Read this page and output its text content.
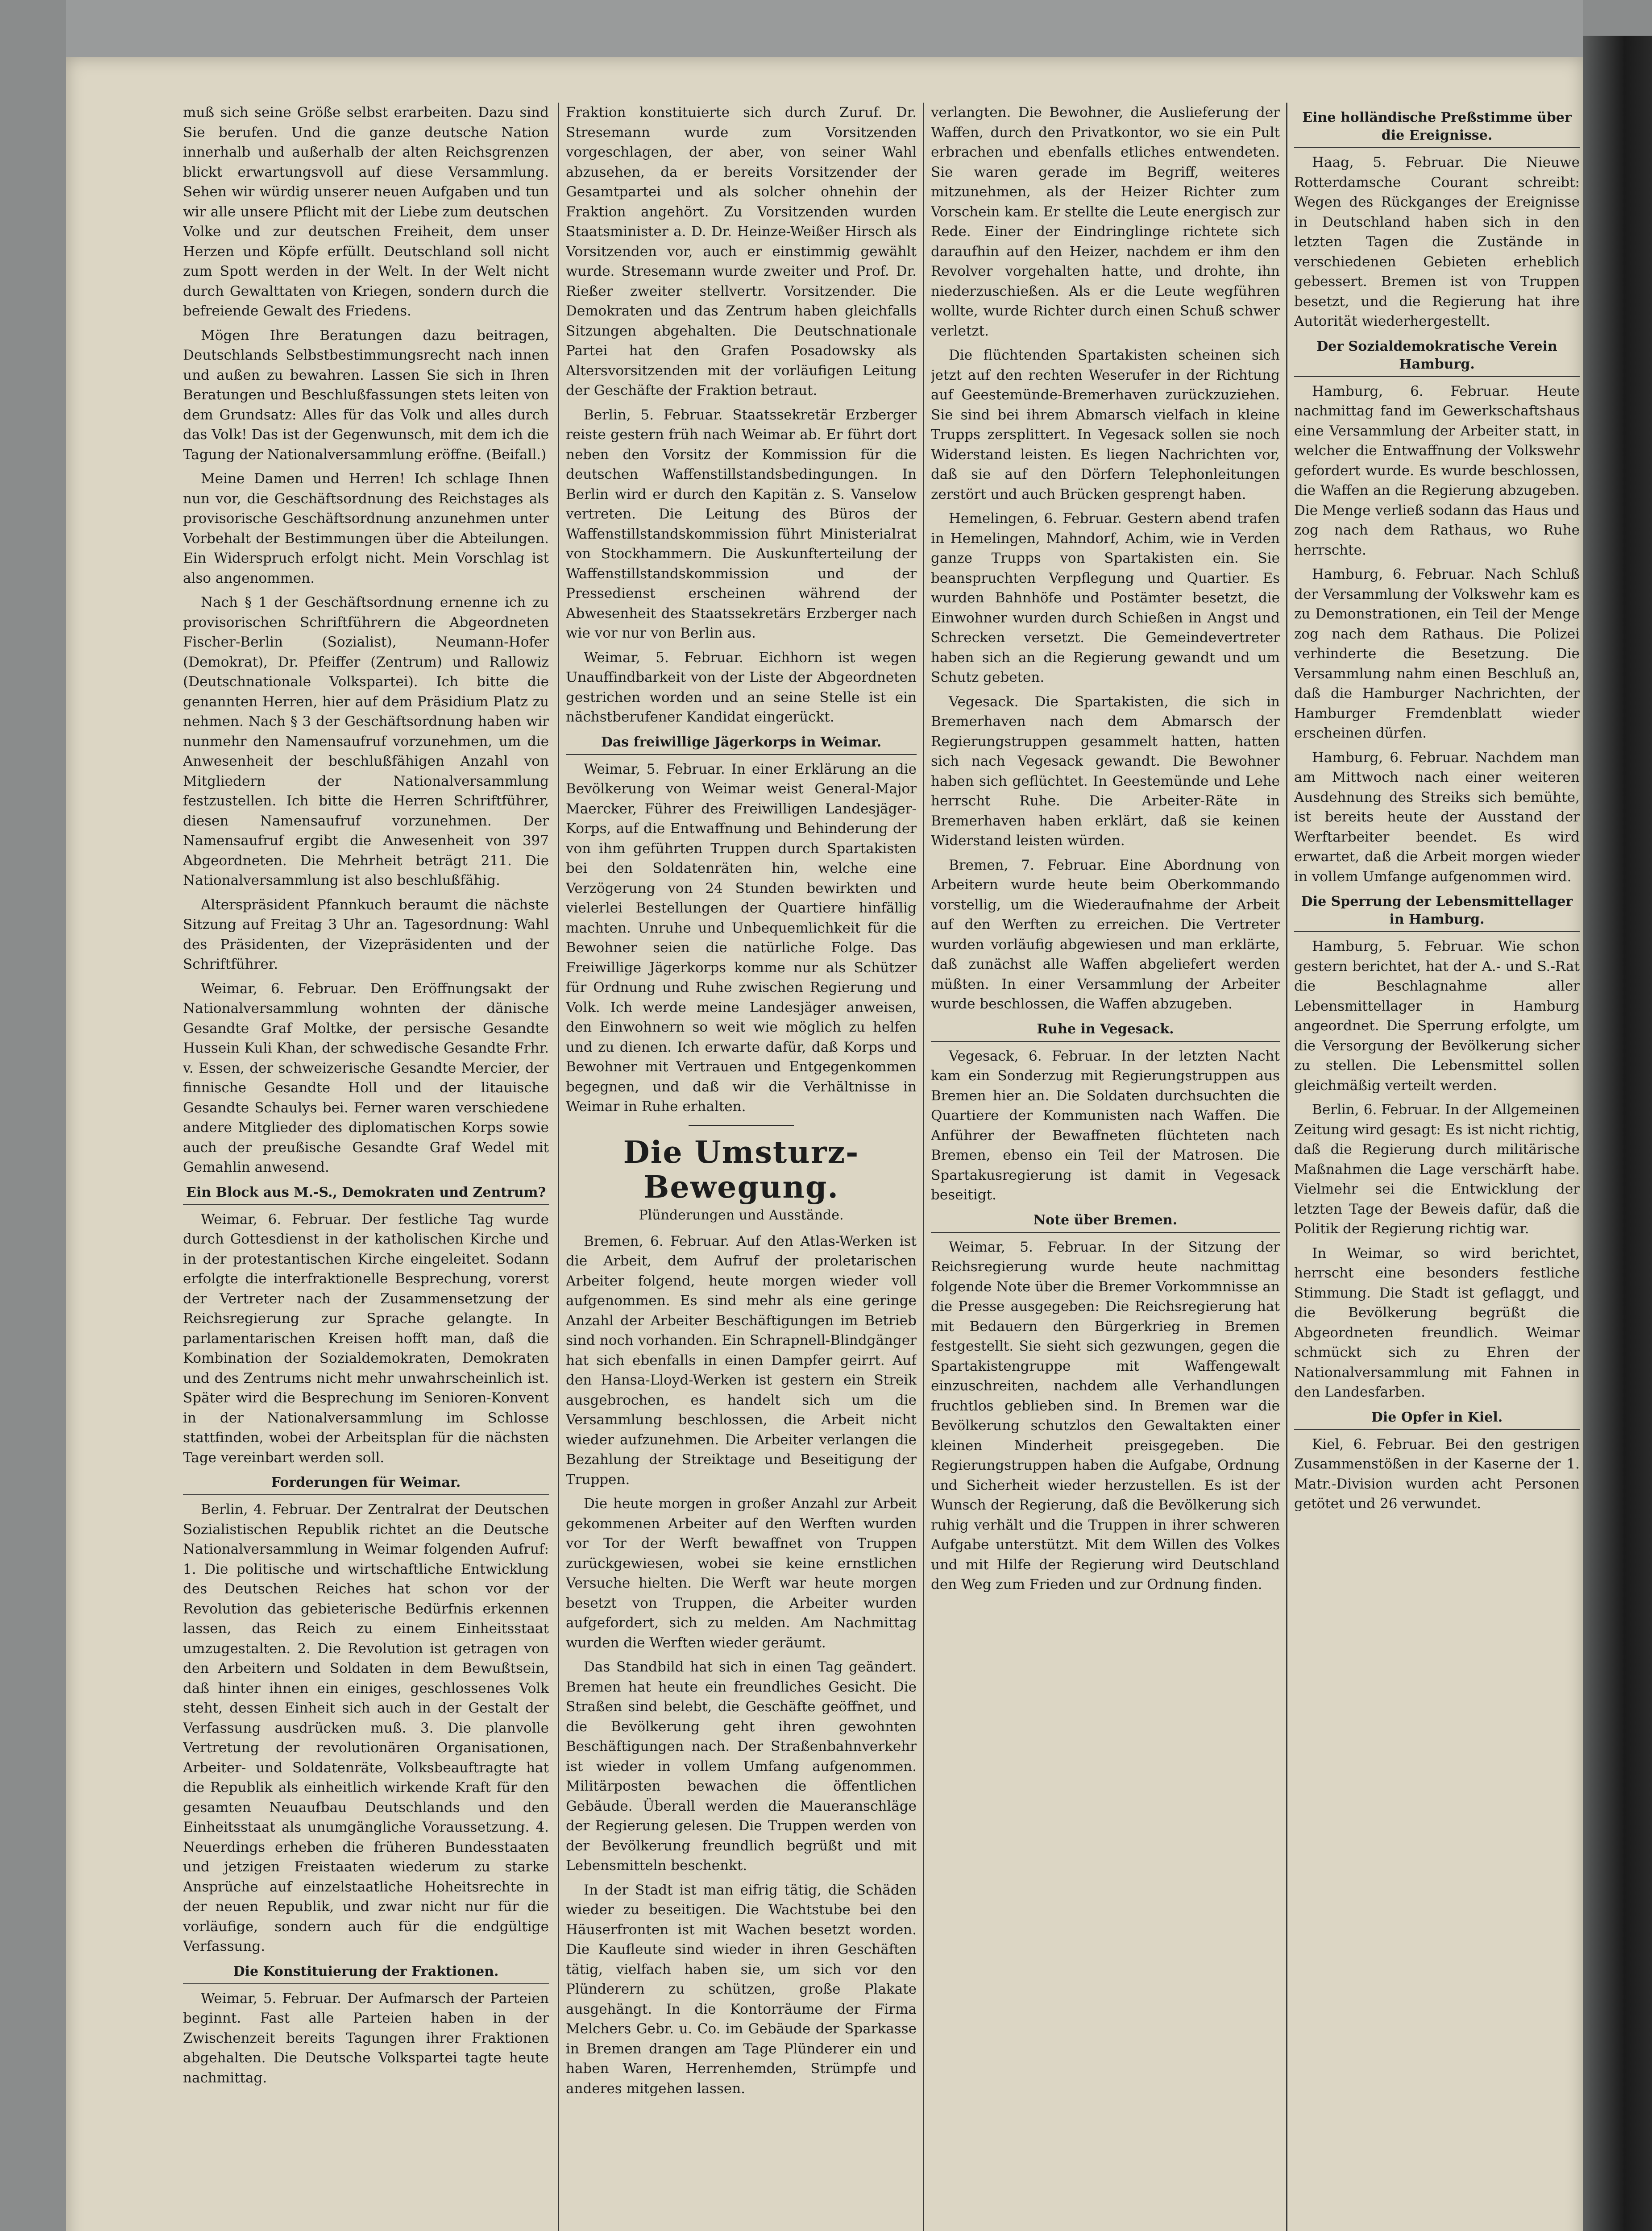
muß sich seine Größe selbst erarbeiten. Dazu sind Sie berufen. Und die ganze deutsche Nation innerhalb und außerhalb der alten Reichsgrenzen blickt erwartungsvoll auf diese Versammlung. Sehen wir würdig unserer neuen Aufgaben und tun wir alle unsere Pflicht mit der Liebe zum deutschen Volke und zur deutschen Freiheit, dem unser Herzen und Köpfe erfüllt. Deutschland soll nicht zum Spott werden in der Welt. In der Welt nicht durch Gewalttaten von Kriegen, sondern durch die befreiende Gewalt des Friedens.

Mögen Ihre Beratungen dazu beitragen, Deutschlands Selbstbestimmungsrecht nach innen und außen zu bewahren. Lassen Sie sich in Ihren Beratungen und Beschlußfassungen stets leiten von dem Grundsatz: Alles für das Volk und alles durch das Volk! Das ist der Gegenwunsch, mit dem ich die Tagung der Nationalversammlung eröffne. (Beifall.)

Meine Damen und Herren! Ich schlage Ihnen nun vor, die Geschäftsordnung des Reichstages als provisorische Geschäftsordnung anzunehmen unter Vorbehalt der Bestimmungen über die Abteilungen. Ein Widerspruch erfolgt nicht. Mein Vorschlag ist also angenommen.

Nach § 1 der Geschäftsordnung ernenne ich zu provisorischen Schriftführern die Abgeordneten Fischer-Berlin (Sozialist), Neumann-Hofer (Demokrat), Dr. Pfeiffer (Zentrum) und Rallowiz (Deutschnationale Volkspartei). Ich bitte die genannten Herren, hier auf dem Präsidium Platz zu nehmen. Nach § 3 der Geschäftsordnung haben wir nunmehr den Namensaufruf vorzunehmen, um die Anwesenheit der beschlußfähigen Anzahl von Mitgliedern der Nationalversammlung festzustellen. Ich bitte die Herren Schriftführer, diesen Namensaufruf vorzunehmen. Der Namensaufruf ergibt die Anwesenheit von 397 Abgeordneten. Die Mehrheit beträgt 211. Die Nationalversammlung ist also beschlußfähig.

Alterspräsident Pfannkuch beraumt die nächste Sitzung auf Freitag 3 Uhr an. Tagesordnung: Wahl des Präsidenten, der Vizepräsidenten und der Schriftführer.

Weimar, 6. Februar. Den Eröffnungsakt der Nationalversammlung wohnten der dänische Gesandte Graf Moltke, der persische Gesandte Hussein Kuli Khan, der schwedische Gesandte Frhr. v. Essen, der schweizerische Gesandte Mercier, der finnische Gesandte Holl und der litauische Gesandte Schaulys bei. Ferner waren verschiedene andere Mitglieder des diplomatischen Korps sowie auch der preußische Gesandte Graf Wedel mit Gemahlin anwesend.

Ein Block aus M.-S., Demokraten und Zentrum?

Weimar, 6. Februar. Der festliche Tag wurde durch Gottesdienst in der katholischen Kirche und in der protestantischen Kirche eingeleitet. Sodann erfolgte die interfraktionelle Besprechung, vorerst der Vertreter nach der Zusammensetzung der Reichsregierung zur Sprache gelangte. In parlamentarischen Kreisen hofft man, daß die Kombination der Sozialdemokraten, Demokraten und des Zentrums nicht mehr unwahrscheinlich ist. Später wird die Besprechung im Senioren-Konvent in der Nationalversammlung im Schlosse stattfinden, wobei der Arbeitsplan für die nächsten Tage vereinbart werden soll.

Forderungen für Weimar.

Berlin, 4. Februar. Der Zentralrat der Deutschen Sozialistischen Republik richtet an die Deutsche Nationalversammlung in Weimar folgenden Aufruf: 1. Die politische und wirtschaftliche Entwicklung des Deutschen Reiches hat schon vor der Revolution das gebieterische Bedürfnis erkennen lassen, das Reich zu einem Einheitsstaat umzugestalten. 2. Die Revolution ist getragen von den Arbeitern und Soldaten in dem Bewußtsein, daß hinter ihnen ein einiges, geschlossenes Volk steht, dessen Einheit sich auch in der Gestalt der Verfassung ausdrücken muß. 3. Die planvolle Vertretung der revolutionären Organisationen, Arbeiter- und Soldatenräte, Volksbeauftragte hat die Republik als einheitlich wirkende Kraft für den gesamten Neuaufbau Deutschlands und den Einheitsstaat als unumgängliche Voraussetzung. 4. Neuerdings erheben die früheren Bundesstaaten und jetzigen Freistaaten wiederum zu starke Ansprüche auf einzelstaatliche Hoheitsrechte in der neuen Republik, und zwar nicht nur für die vorläufige, sondern auch für die endgültige Verfassung.

Die Konstituierung der Fraktionen.

Weimar, 5. Februar. Der Aufmarsch der Parteien beginnt. Fast alle Parteien haben in der Zwischenzeit bereits Tagungen ihrer Fraktionen abgehalten. Die Deutsche Volkspartei tagte heute nachmittag.

Fraktion konstituierte sich durch Zuruf. Dr. Stresemann wurde zum Vorsitzenden vorgeschlagen, der aber, von seiner Wahl abzusehen, da er bereits Vorsitzender der Gesamtpartei und als solcher ohnehin der Fraktion angehört. Zu Vorsitzenden wurden Staatsminister a. D. Dr. Heinze-Weißer Hirsch als Vorsitzenden vor, auch er einstimmig gewählt wurde. Stresemann wurde zweiter und Prof. Dr. Rießer zweiter stellvertr. Vorsitzender. Die Demokraten und das Zentrum haben gleichfalls Sitzungen abgehalten. Die Deutschnationale Partei hat den Grafen Posadowsky als Altersvorsitzenden mit der vorläufigen Leitung der Geschäfte der Fraktion betraut.

Berlin, 5. Februar. Staatssekretär Erzberger reiste gestern früh nach Weimar ab. Er führt dort neben den Vorsitz der Kommission für die deutschen Waffenstillstandsbedingungen. In Berlin wird er durch den Kapitän z. S. Vanselow vertreten. Die Leitung des Büros der Waffenstillstandskommission führt Ministerialrat von Stockhammern. Die Auskunfterteilung der Waffenstillstandskommission und der Pressedienst erscheinen während der Abwesenheit des Staatssekretärs Erzberger nach wie vor nur von Berlin aus.

Weimar, 5. Februar. Eichhorn ist wegen Unauffindbarkeit von der Liste der Abgeordneten gestrichen worden und an seine Stelle ist ein nächstberufener Kandidat eingerückt.

Das freiwillige Jägerkorps in Weimar.

Weimar, 5. Februar. In einer Erklärung an die Bevölkerung von Weimar weist General-Major Maercker, Führer des Freiwilligen Landesjäger-Korps, auf die Entwaffnung und Behinderung der von ihm geführten Truppen durch Spartakisten bei den Soldatenräten hin, welche eine Verzögerung von 24 Stunden bewirkten und vielerlei Bestellungen der Quartiere hinfällig machten. Unruhe und Unbequemlichkeit für die Bewohner seien die natürliche Folge. Das Freiwillige Jägerkorps komme nur als Schützer für Ordnung und Ruhe zwischen Regierung und Volk. Ich werde meine Landesjäger anweisen, den Einwohnern so weit wie möglich zu helfen und zu dienen. Ich erwarte dafür, daß Korps und Bewohner mit Vertrauen und Entgegenkommen begegnen, und daß wir die Verhältnisse in Weimar in Ruhe erhalten.

Die Umsturz-Bewegung.
Plünderungen und Ausstände.

Bremen, 6. Februar. Auf den Atlas-Werken ist die Arbeit, dem Aufruf der proletarischen Arbeiter folgend, heute morgen wieder voll aufgenommen. Es sind mehr als eine geringe Anzahl der Arbeiter Beschäftigungen im Betrieb sind noch vorhanden. Ein Schrapnell-Blindgänger hat sich ebenfalls in einen Dampfer geirrt. Auf den Hansa-Lloyd-Werken ist gestern ein Streik ausgebrochen, es handelt sich um die Versammlung beschlossen, die Arbeit nicht wieder aufzunehmen. Die Arbeiter verlangen die Bezahlung der Streiktage und Beseitigung der Truppen.

Die heute morgen in großer Anzahl zur Arbeit gekommenen Arbeiter auf den Werften wurden vor Tor der Werft bewaffnet von Truppen zurückgewiesen, wobei sie keine ernstlichen Versuche hielten. Die Werft war heute morgen besetzt von Truppen, die Arbeiter wurden aufgefordert, sich zu melden. Am Nachmittag wurden die Werften wieder geräumt.

Das Standbild hat sich in einen Tag geändert. Bremen hat heute ein freundliches Gesicht. Die Straßen sind belebt, die Geschäfte geöffnet, und die Bevölkerung geht ihren gewohnten Beschäftigungen nach. Der Straßenbahnverkehr ist wieder in vollem Umfang aufgenommen. Militärposten bewachen die öffentlichen Gebäude. Überall werden die Maueranschläge der Regierung gelesen. Die Truppen werden von der Bevölkerung freundlich begrüßt und mit Lebensmitteln beschenkt.

In der Stadt ist man eifrig tätig, die Schäden wieder zu beseitigen. Die Wachtstube bei den Häuserfronten ist mit Wachen besetzt worden. Die Kaufleute sind wieder in ihren Geschäften tätig, vielfach haben sie, um sich vor den Plünderern zu schützen, große Plakate ausgehängt. In die Kontorräume der Firma Melchers Gebr. u. Co. im Gebäude der Sparkasse in Bremen drangen am Tage Plünderer ein und haben Waren, Herrenhemden, Strümpfe und anderes mitgehen lassen.

verlangten. Die Bewohner, die Auslieferung der Waffen, durch den Privatkontor, wo sie ein Pult erbrachen und ebenfalls etliches entwendeten. Sie waren gerade im Begriff, weiteres mitzunehmen, als der Heizer Richter zum Vorschein kam. Er stellte die Leute energisch zur Rede. Einer der Eindringlinge richtete sich daraufhin auf den Heizer, nachdem er ihm den Revolver vorgehalten hatte, und drohte, ihn niederzuschießen. Als er die Leute wegführen wollte, wurde Richter durch einen Schuß schwer verletzt.

Die flüchtenden Spartakisten scheinen sich jetzt auf den rechten Weserufer in der Richtung auf Geestemünde-Bremerhaven zurückzuziehen. Sie sind bei ihrem Abmarsch vielfach in kleine Trupps zersplittert. In Vegesack sollen sie noch Widerstand leisten. Es liegen Nachrichten vor, daß sie auf den Dörfern Telephonleitungen zerstört und auch Brücken gesprengt haben.

Hemelingen, 6. Februar. Gestern abend trafen in Hemelingen, Mahndorf, Achim, wie in Verden ganze Trupps von Spartakisten ein. Sie beanspruchten Verpflegung und Quartier. Es wurden Bahnhöfe und Postämter besetzt, die Einwohner wurden durch Schießen in Angst und Schrecken versetzt. Die Gemeindevertreter haben sich an die Regierung gewandt und um Schutz gebeten.

Vegesack. Die Spartakisten, die sich in Bremerhaven nach dem Abmarsch der Regierungstruppen gesammelt hatten, hatten sich nach Vegesack gewandt. Die Bewohner haben sich geflüchtet. In Geestemünde und Lehe herrscht Ruhe. Die Arbeiter-Räte in Bremerhaven haben erklärt, daß sie keinen Widerstand leisten würden.

Bremen, 7. Februar. Eine Abordnung von Arbeitern wurde heute beim Oberkommando vorstellig, um die Wiederaufnahme der Arbeit auf den Werften zu erreichen. Die Vertreter wurden vorläufig abgewiesen und man erklärte, daß zunächst alle Waffen abgeliefert werden müßten. In einer Versammlung der Arbeiter wurde beschlossen, die Waffen abzugeben.

Ruhe in Vegesack.

Vegesack, 6. Februar. In der letzten Nacht kam ein Sonderzug mit Regierungstruppen aus Bremen hier an. Die Soldaten durchsuchten die Quartiere der Kommunisten nach Waffen. Die Anführer der Bewaffneten flüchteten nach Bremen, ebenso ein Teil der Matrosen. Die Spartakusregierung ist damit in Vegesack beseitigt.

Note über Bremen.

Weimar, 5. Februar. In der Sitzung der Reichsregierung wurde heute nachmittag folgende Note über die Bremer Vorkommnisse an die Presse ausgegeben: Die Reichsregierung hat mit Bedauern den Bürgerkrieg in Bremen festgestellt. Sie sieht sich gezwungen, gegen die Spartakistengruppe mit Waffengewalt einzuschreiten, nachdem alle Verhandlungen fruchtlos geblieben sind. In Bremen war die Bevölkerung schutzlos den Gewaltakten einer kleinen Minderheit preisgegeben. Die Regierungstruppen haben die Aufgabe, Ordnung und Sicherheit wieder herzustellen. Es ist der Wunsch der Regierung, daß die Bevölkerung sich ruhig verhält und die Truppen in ihrer schweren Aufgabe unterstützt. Mit dem Willen des Volkes und mit Hilfe der Regierung wird Deutschland den Weg zum Frieden und zur Ordnung finden.

Eine holländische Preßstimme über die Ereignisse.

Haag, 5. Februar. Die Nieuwe Rotterdamsche Courant schreibt: Wegen des Rückganges der Ereignisse in Deutschland haben sich in den letzten Tagen die Zustände in verschiedenen Gebieten erheblich gebessert. Bremen ist von Truppen besetzt, und die Regierung hat ihre Autorität wiederhergestellt.

Der Sozialdemokratische Verein Hamburg.

Hamburg, 6. Februar. Heute nachmittag fand im Gewerkschaftshaus eine Versammlung der Arbeiter statt, in welcher die Entwaffnung der Volkswehr gefordert wurde. Es wurde beschlossen, die Waffen an die Regierung abzugeben. Die Menge verließ sodann das Haus und zog nach dem Rathaus, wo Ruhe herrschte.

Hamburg, 6. Februar. Nach Schluß der Versammlung der Volkswehr kam es zu Demonstrationen, ein Teil der Menge zog nach dem Rathaus. Die Polizei verhinderte die Besetzung. Die Versammlung nahm einen Beschluß an, daß die Hamburger Nachrichten, der Hamburger Fremdenblatt wieder erscheinen dürfen.

Hamburg, 6. Februar. Nachdem man am Mittwoch nach einer weiteren Ausdehnung des Streiks sich bemühte, ist bereits heute der Ausstand der Werftarbeiter beendet. Es wird erwartet, daß die Arbeit morgen wieder in vollem Umfange aufgenommen wird.

Die Sperrung der Lebensmittellager in Hamburg.

Hamburg, 5. Februar. Wie schon gestern berichtet, hat der A.- und S.-Rat die Beschlagnahme aller Lebensmittellager in Hamburg angeordnet. Die Sperrung erfolgte, um die Versorgung der Bevölkerung sicher zu stellen. Die Lebensmittel sollen gleichmäßig verteilt werden.

Berlin, 6. Februar. In der Allgemeinen Zeitung wird gesagt: Es ist nicht richtig, daß die Regierung durch militärische Maßnahmen die Lage verschärft habe. Vielmehr sei die Entwicklung der letzten Tage der Beweis dafür, daß die Politik der Regierung richtig war.

In Weimar, so wird berichtet, herrscht eine besonders festliche Stimmung. Die Stadt ist geflaggt, und die Bevölkerung begrüßt die Abgeordneten freundlich. Weimar schmückt sich zu Ehren der Nationalversammlung mit Fahnen in den Landesfarben.

Die Opfer in Kiel.

Kiel, 6. Februar. Bei den gestrigen Zusammenstößen in der Kaserne der 1. Matr.-Division wurden acht Personen getötet und 26 verwundet.
